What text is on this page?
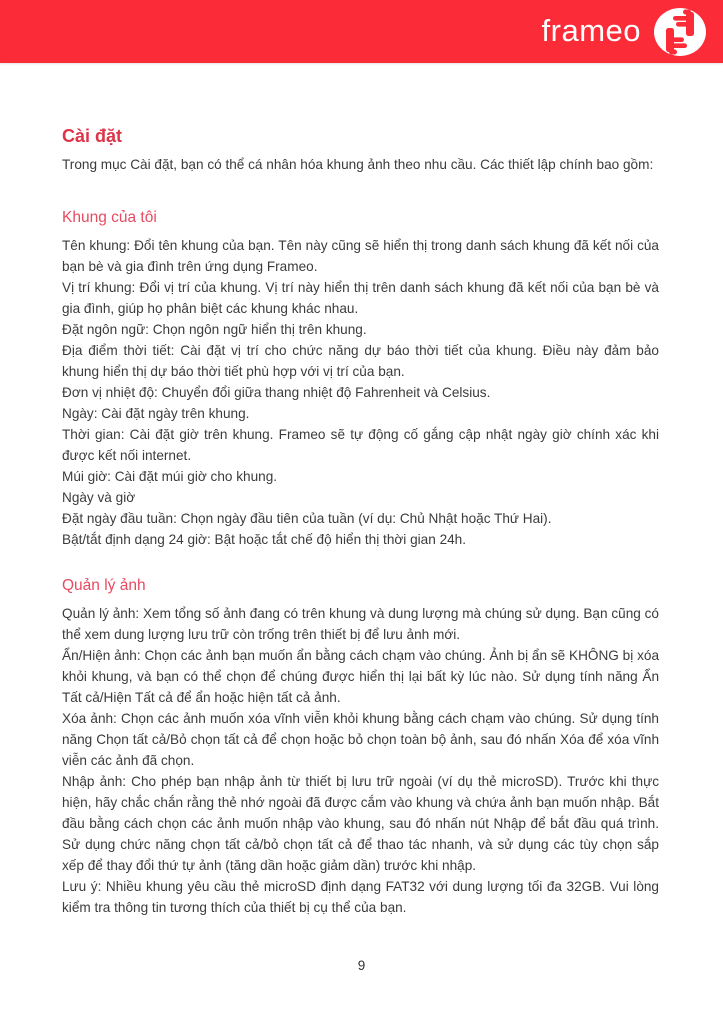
frameo
Cài đặt

Trong mục Cài đặt, bạn có thể cá nhân hóa khung ảnh theo nhu cầu. Các thiết lập chính bao gồm:

Khung của tôi

Tên khung: Đổi tên khung của bạn. Tên này cũng sẽ hiển thị trong danh sách khung đã kết nối của bạn bè và gia đình trên ứng dụng Frameo.

Vị trí khung: Đổi vị trí của khung. Vị trí này hiển thị trên danh sách khung đã kết nối của bạn bè và gia đình, giúp họ phân biệt các khung khác nhau.

Đặt ngôn ngữ: Chọn ngôn ngữ hiển thị trên khung.

Địa điểm thời tiết: Cài đặt vị trí cho chức năng dự báo thời tiết của khung. Điều này đảm bảo khung hiển thị dự báo thời tiết phù hợp với vị trí của bạn.

Đơn vị nhiệt độ: Chuyển đổi giữa thang nhiệt độ Fahrenheit và Celsius.

Ngày: Cài đặt ngày trên khung.

Thời gian: Cài đặt giờ trên khung. Frameo sẽ tự động cố gắng cập nhật ngày giờ chính xác khi được kết nối internet.

Múi giờ: Cài đặt múi giờ cho khung.

Ngày và giờ

Đặt ngày đầu tuần: Chọn ngày đầu tiên của tuần (ví dụ: Chủ Nhật hoặc Thứ Hai).

Bật/tắt định dạng 24 giờ: Bật hoặc tắt chế độ hiển thị thời gian 24h.

Quản lý ảnh

Quản lý ảnh: Xem tổng số ảnh đang có trên khung và dung lượng mà chúng sử dụng. Bạn cũng có thể xem dung lượng lưu trữ còn trống trên thiết bị để lưu ảnh mới.

Ẩn/Hiện ảnh: Chọn các ảnh bạn muốn ẩn bằng cách chạm vào chúng. Ảnh bị ẩn sẽ KHÔNG bị xóa khỏi khung, và bạn có thể chọn để chúng được hiển thị lại bất kỳ lúc nào. Sử dụng tính năng Ẩn Tất cả/Hiện Tất cả để ẩn hoặc hiện tất cả ảnh.

Xóa ảnh: Chọn các ảnh muốn xóa vĩnh viễn khỏi khung bằng cách chạm vào chúng. Sử dụng tính năng Chọn tất cả/Bỏ chọn tất cả để chọn hoặc bỏ chọn toàn bộ ảnh, sau đó nhấn Xóa để xóa vĩnh viễn các ảnh đã chọn.

Nhập ảnh: Cho phép bạn nhập ảnh từ thiết bị lưu trữ ngoài (ví dụ thẻ microSD). Trước khi thực hiện, hãy chắc chắn rằng thẻ nhớ ngoài đã được cắm vào khung và chứa ảnh bạn muốn nhập. Bắt đầu bằng cách chọn các ảnh muốn nhập vào khung, sau đó nhấn nút Nhập để bắt đầu quá trình. Sử dụng chức năng chọn tất cả/bỏ chọn tất cả để thao tác nhanh, và sử dụng các tùy chọn sắp xếp để thay đổi thứ tự ảnh (tăng dần hoặc giảm dần) trước khi nhập.

Lưu ý: Nhiều khung yêu cầu thẻ microSD định dạng FAT32 với dung lượng tối đa 32GB. Vui lòng kiểm tra thông tin tương thích của thiết bị cụ thể của bạn.

9
